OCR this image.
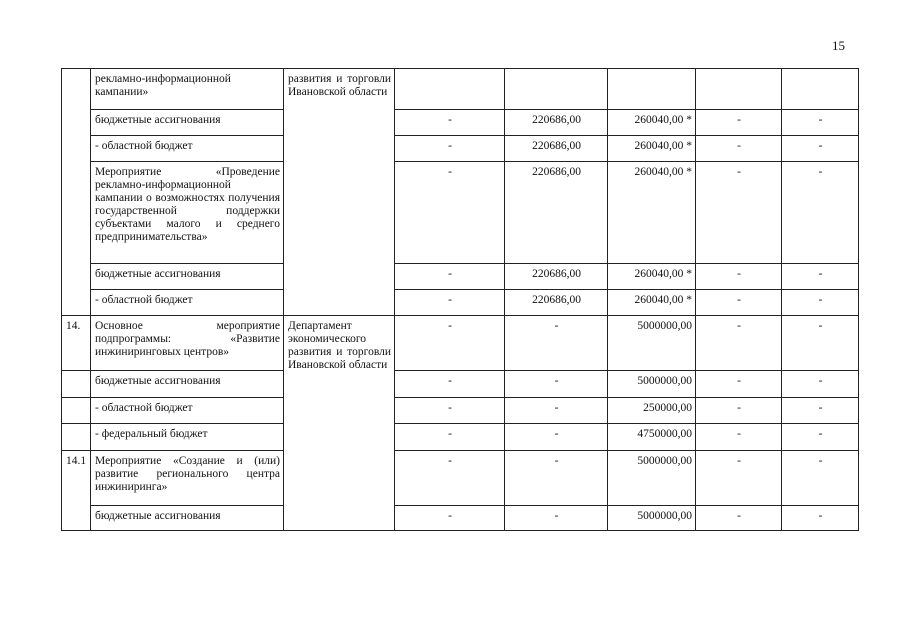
15
	рекламно-информационной кампании»	развития и торговли Ивановской области					
	бюджетные ассигнования		-	220686,00	260040,00 *	-	-
	- областной бюджет		-	220686,00	260040,00 *	-	-
	Мероприятие «Проведение рекламно-информационной кампании о возможностях получения государственной поддержки субъектами малого и среднего предпринимательства»		-	220686,00	260040,00 *	-	-
	бюджетные ассигнования		-	220686,00	260040,00 *	-	-
	- областной бюджет		-	220686,00	260040,00 *	-	-
14.	Основное мероприятие подпрограммы: «Развитие инжиниринговых центров»	Департамент экономического развития и торговли Ивановской области	-	-	5000000,00	-	-
	бюджетные ассигнования		-	-	5000000,00	-	-
	- областной бюджет		-	-	250000,00	-	-
	- федеральный бюджет		-	-	4750000,00	-	-
14.1	Мероприятие «Создание и (или) развитие регионального центра инжиниринга»		-	-	5000000,00	-	-
	бюджетные ассигнования		-	-	5000000,00	-	-
